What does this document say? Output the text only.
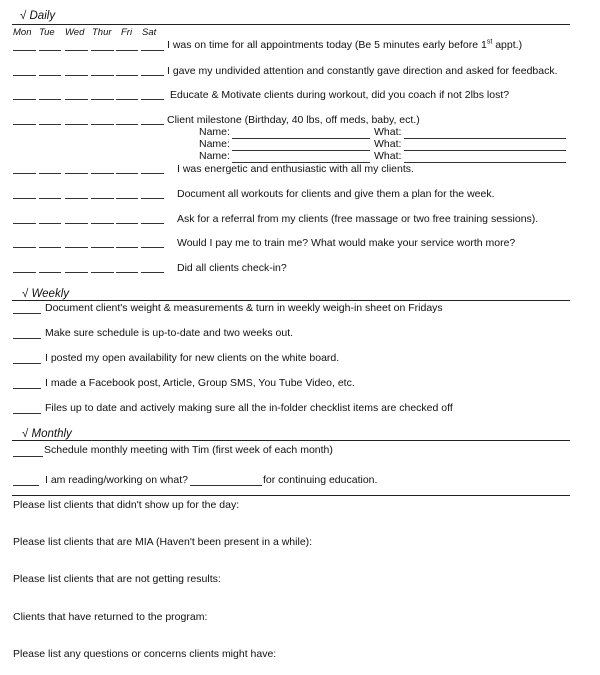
√ Daily
Mon Tue Wed Thur Fri Sat
I was on time for all appointments today (Be 5 minutes early before 1st appt.)
I gave my undivided attention and constantly gave direction and asked for feedback.
Educate & Motivate clients during workout, did you coach if not 2lbs lost?
Client milestone (Birthday, 40 lbs, off meds, baby, ect.)
Name:	What:
Name:	What:
Name:	What:
I was energetic and enthusiastic with all my clients.
Document all workouts for clients and give them a plan for the week.
Ask for a referral from my clients (free massage or two free training sessions).
Would I pay me to train me? What would make your service worth more?
Did all clients check-in?
√ Weekly
Document client's weight & measurements & turn in weekly weigh-in sheet on Fridays
Make sure schedule is up-to-date and two weeks out.
I posted my open availability for new clients on the white board.
I made a Facebook post, Article, Group SMS, You Tube Video, etc.
Files up to date and actively making sure all the in-folder checklist items are checked off
√ Monthly
Schedule monthly meeting with Tim (first week of each month)
I am reading/working on what?	for continuing education.
Please list clients that didn't show up for the day:
Please list clients that are MIA (Haven't been present in a while):
Please list clients that are not getting results:
Clients that have returned to the program:
Please list any questions or concerns clients might have:
